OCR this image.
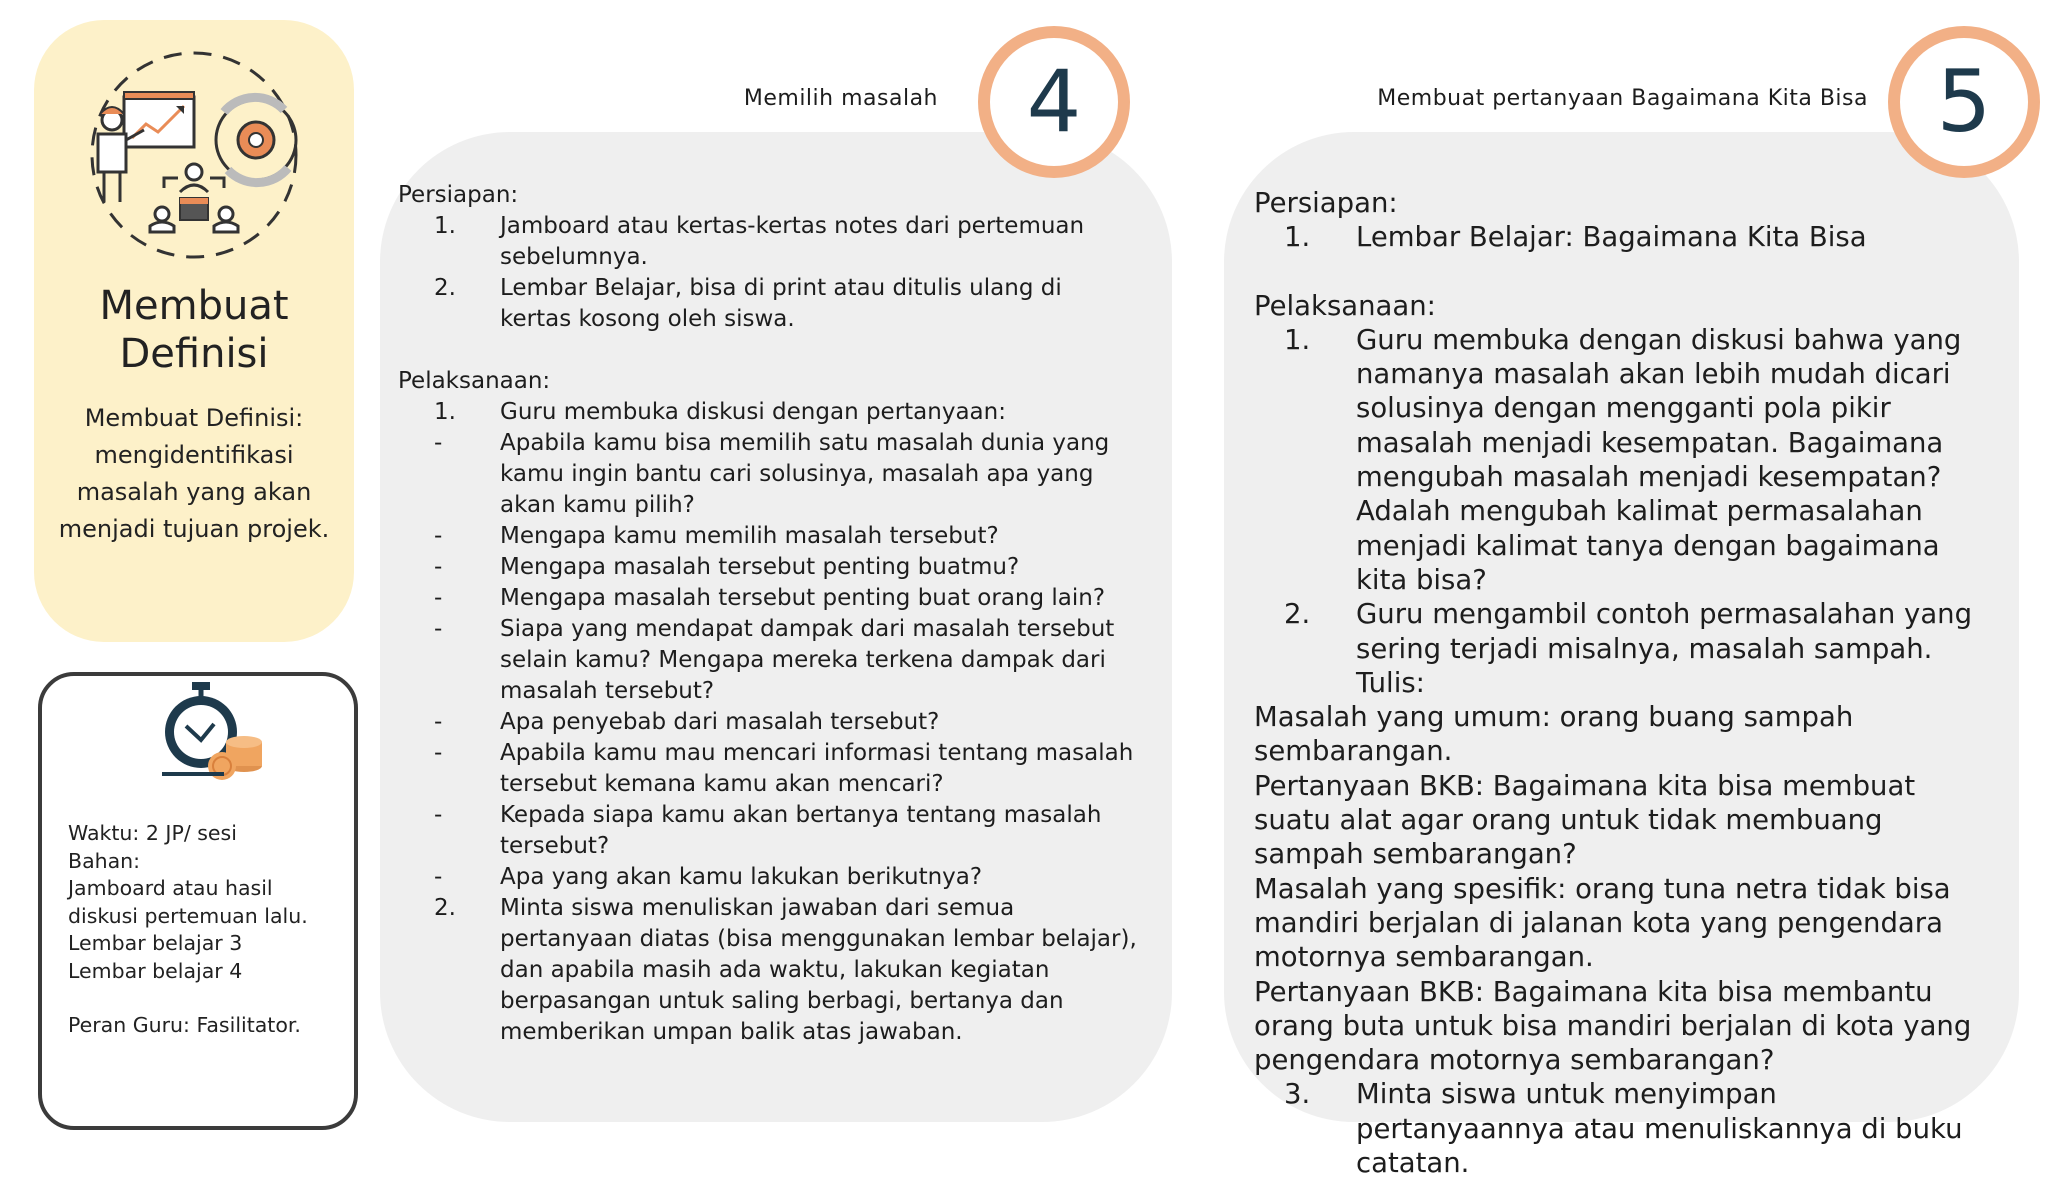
Membuat
Definisi
Membuat Definisi:
mengidentifikasi
masalah yang akan
menjadi tujuan projek.

Waktu: 2 JP/ sesi

Bahan:

Jamboard atau hasil

diskusi pertemuan lalu.

Lembar belajar 3

Lembar belajar 4

Peran Guru: Fasilitator.

Memilih masalah	4

Persiapan:

1. Jamboard atau kertas-kertas notes dari pertemuan sebelumnya.
2. Lembar Belajar, bisa di print atau ditulis ulang di kertas kosong oleh siswa.

Pelaksanaan:

1. Guru membuka diskusi dengan pertanyaan:
-	Apabila kamu bisa memilih satu masalah dunia yang kamu ingin bantu cari solusinya, masalah apa yang akan kamu pilih?
-	Mengapa kamu memilih masalah tersebut?
-	Mengapa masalah tersebut penting buatmu?
-	Mengapa masalah tersebut penting buat orang lain?
-	Siapa yang mendapat dampak dari masalah tersebut selain kamu? Mengapa mereka terkena dampak dari masalah tersebut?
-	Apa penyebab dari masalah tersebut?
-	Apabila kamu mau mencari informasi tentang masalah tersebut kemana kamu akan mencari?
-	Kepada siapa kamu akan bertanya tentang masalah tersebut?
-	Apa yang akan kamu lakukan berikutnya?
2. Minta siswa menuliskan jawaban dari semua pertanyaan diatas (bisa menggunakan lembar belajar), dan apabila masih ada waktu, lakukan kegiatan berpasangan untuk saling berbagi, bertanya dan memberikan umpan balik atas jawaban.
Membuat pertanyaan Bagaimana Kita Bisa 5

Persiapan:

1. Lembar Belajar: Bagaimana Kita Bisa

Pelaksanaan:

1. Guru membuka dengan diskusi bahwa yang namanya masalah akan lebih mudah dicari solusinya dengan mengganti pola pikir masalah menjadi kesempatan. Bagaimana mengubah masalah menjadi kesempatan? Adalah mengubah kalimat permasalahan menjadi kalimat tanya dengan bagaimana kita bisa?
2. Guru mengambil contoh permasalahan yang sering terjadi misalnya, masalah sampah. Tulis:

Masalah yang umum: orang buang sampah sembarangan.

Pertanyaan BKB: Bagaimana kita bisa membuat suatu alat agar orang untuk tidak membuang sampah sembarangan?

Masalah yang spesifik: orang tuna netra tidak bisa mandiri berjalan di jalanan kota yang pengendara motornya sembarangan.

Pertanyaan BKB: Bagaimana kita bisa membantu orang buta untuk bisa mandiri berjalan di kota yang pengendara motornya sembarangan?

3. Minta siswa untuk menyimpan pertanyaannya atau menuliskannya di buku catatan.
